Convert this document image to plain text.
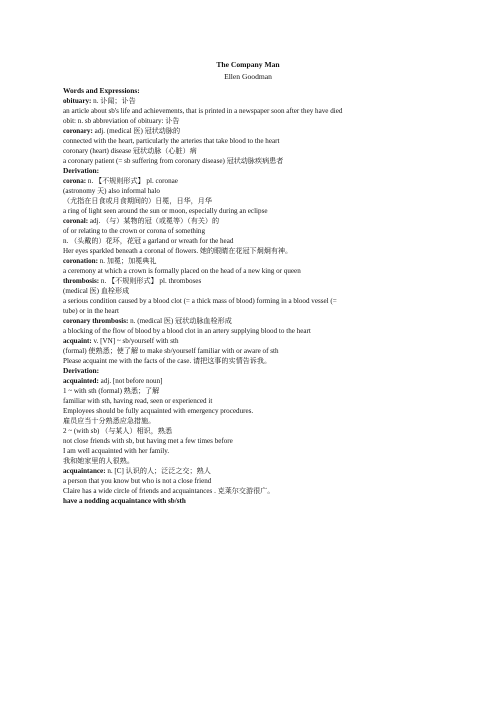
The Company Man
Ellen Goodman
Words and Expressions:
obituary: n. 讣闻；讣告
an article about sb's life and achievements, that is printed in a newspaper soon after they have died
obit: n. sb abbreviation of obituary: 讣告
coronary: adj. (medical 医) 冠状动脉的
connected with the heart, particularly the arteries that take blood to the heart
coronary (heart) disease 冠状动脉（心脏）病
a coronary patient (= sb suffering from coronary disease) 冠状动脉疾病患者
Derivation:
corona: n. 【不规则形式】 pl. coronae
(astronomy 天) also informal halo
（尤指在日食或月食期间的）日冕，日华，月华
a ring of light seen around the sun or moon, especially during an eclipse
coronal: adj. （与）某物的冠（或冕等）（有关）的
of or relating to the crown or corona of something
n. （头戴的）花环，花冠 a garland or wreath for the head
Her eyes sparkled beneath a coronal of flowers. 她的眼睛在花冠下炯炯有神。
coronation: n. 加冕；加冕典礼
a ceremony at which a crown is formally placed on the head of a new king or queen
thrombosis: n. 【不规则形式】 pl. thromboses
(medical 医) 血栓形成
a serious condition caused by a blood clot (= a thick mass of blood) forming in a blood vessel (=
tube) or in the heart
coronary thrombosis: n. (medical 医) 冠状动脉血栓形成
a blocking of the flow of blood by a blood clot in an artery supplying blood to the heart
acquaint: v. [VN] ~ sb/yourself with sth
(formal) 使熟悉；使了解 to make sb/yourself familiar with or aware of sth
Please acquaint me with the facts of the case. 请把这事的实情告诉我。
Derivation:
acquainted: adj. [not before noun]
1 ~ with sth (formal) 熟悉；了解
familiar with sth, having read, seen or experienced it
Employees should be fully acquainted with emergency procedures.
雇员应当十分熟悉应急措施。
2 ~ (with sb) （与某人）相识，熟悉
not close friends with sb, but having met a few times before
I am well acquainted with her family.
我和她家里的人很熟。
acquaintance: n. [C] 认识的人；泛泛之交；熟人
a person that you know but who is not a close friend
Claire has a wide circle of friends and acquaintances . 克莱尔交游很广。
have a nodding acquaintance with sb/sth
